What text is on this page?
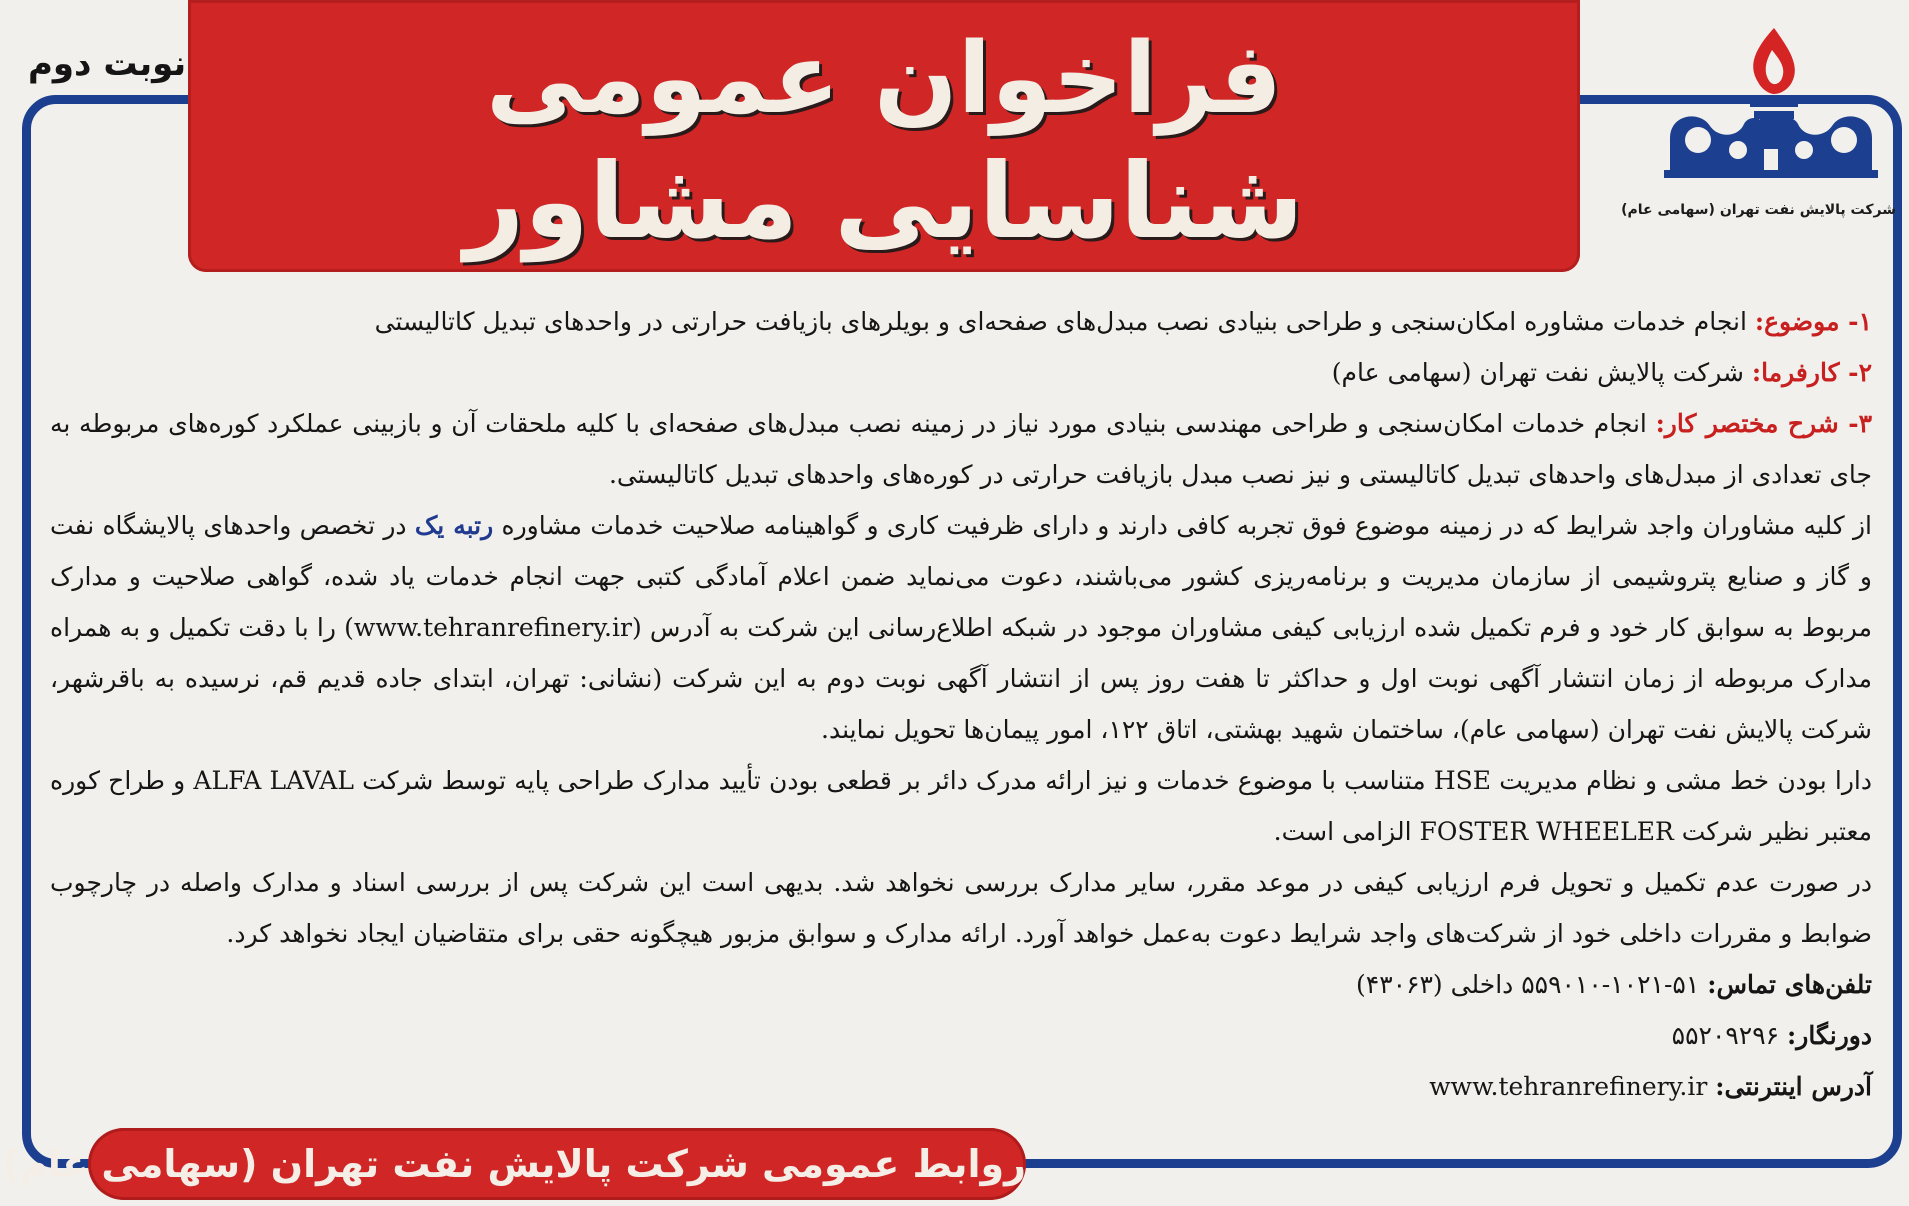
نوبت دوم	فراخوان عمومی
شناسایی مشاور	شرکت پالایش نفت تهران (سهامی عام)

۱- موضوع: انجام خدمات مشاوره امکان‌سنجی و طراحی بنیادی نصب مبدل‌های صفحه‌ای و بویلرهای بازیافت حرارتی در واحدهای تبدیل کاتالیستی

۲- کارفرما: شرکت پالایش نفت تهران (سهامی عام)

۳- شرح مختصر کار: انجام خدمات امکان‌سنجی و طراحی مهندسی بنیادی مورد نیاز در زمینه نصب مبدل‌های صفحه‌ای با کلیه ملحقات آن و بازبینی عملکرد کوره‌های مربوطه به جای تعدادی از مبدل‌های واحدهای تبدیل کاتالیستی و نیز نصب مبدل بازیافت حرارتی در کوره‌های واحدهای تبدیل کاتالیستی.

از کلیه مشاوران واجد شرایط که در زمینه موضوع فوق تجربه کافی دارند و دارای ظرفیت کاری و گواهینامه صلاحیت خدمات مشاوره رتبه یک در تخصص واحدهای پالایشگاه نفت و گاز و صنایع پتروشیمی از سازمان مدیریت و برنامه‌ریزی کشور می‌باشند، دعوت می‌نماید ضمن اعلام آمادگی کتبی جهت انجام خدمات یاد شده، گواهی صلاحیت و مدارک مربوط به سوابق کار خود و فرم تکمیل شده ارزیابی کیفی مشاوران موجود در شبکه اطلاع‌رسانی این شرکت به آدرس (www.tehranrefinery.ir) را با دقت تکمیل و به همراه مدارک مربوطه از زمان انتشار آگهی نوبت اول و حداکثر تا هفت روز پس از انتشار آگهی نوبت دوم به این شرکت (نشانی: تهران، ابتدای جاده قدیم قم، نرسیده به باقرشهر، شرکت پالایش نفت تهران (سهامی عام)، ساختمان شهید بهشتی، اتاق ۱۲۲، امور پیمان‌ها تحویل نمایند.

دارا بودن خط مشی و نظام مدیریت HSE متناسب با موضوع خدمات و نیز ارائه مدرک دائر بر قطعی بودن تأیید مدارک طراحی پایه توسط شرکت ALFA LAVAL و طراح کوره معتبر نظیر شرکت FOSTER WHEELER الزامی است.

در صورت عدم تکمیل و تحویل فرم ارزیابی کیفی در موعد مقرر، سایر مدارک بررسی نخواهد شد. بدیهی است این شرکت پس از بررسی اسناد و مدارک واصله در چارچوب ضوابط و مقررات داخلی خود از شرکت‌های واجد شرایط دعوت به‌عمل خواهد آورد. ارائه مدارک و سوابق مزبور هیچگونه حقی برای متقاضیان ایجاد نخواهد کرد.

تلفن‌های تماس: ۵۱-۱۰۲۱-۵۵۹۰۱۰ داخلی (۴۳۰۶۳)

دورنگار: ۵۵۲۰۹۲۹۶

آدرس اینترنتی: www.tehranrefinery.ir

روابط عمومی شرکت پالایش نفت تهران (سهامی عام)
